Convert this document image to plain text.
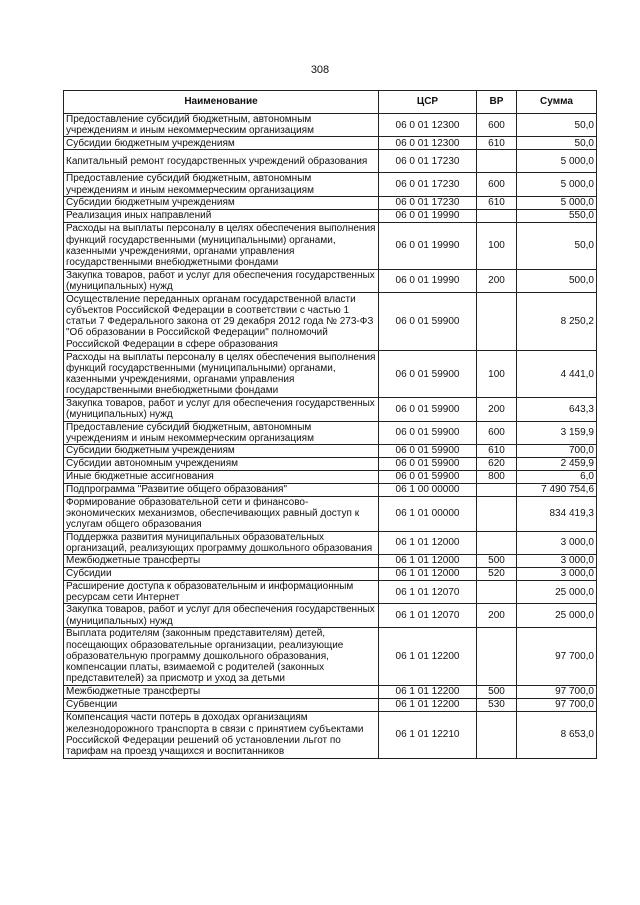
308
Наименование	ЦСР	ВР	Сумма
Предоставление субсидий бюджетным, автономным учреждениям и иным некоммерческим организациям	06 0 01 12300	600	50,0
Субсидии бюджетным учреждениям	06 0 01 12300	610	50,0
Капитальный ремонт государственных учреждений образования	06 0 01 17230		5 000,0
Предоставление субсидий бюджетным, автономным учреждениям и иным некоммерческим организациям	06 0 01 17230	600	5 000,0
Субсидии бюджетным учреждениям	06 0 01 17230	610	5 000,0
Реализация иных направлений	06 0 01 19990		550,0
Расходы на выплаты персоналу в целях обеспечения выполнения функций государственными (муниципальными) органами, казенными учреждениями, органами управления государственными внебюджетными фондами	06 0 01 19990	100	50,0
Закупка товаров, работ и услуг для обеспечения государственных (муниципальных) нужд	06 0 01 19990	200	500,0
Осуществление переданных органам государственной власти субъектов Российской Федерации в соответствии с частью 1 статьи 7 Федерального закона от 29 декабря 2012 года № 273-ФЗ "Об образовании в Российской Федерации" полномочий Российской Федерации в сфере образования	06 0 01 59900		8 250,2
Расходы на выплаты персоналу в целях обеспечения выполнения функций государственными (муниципальными) органами, казенными учреждениями, органами управления государственными внебюджетными фондами	06 0 01 59900	100	4 441,0
Закупка товаров, работ и услуг для обеспечения государственных (муниципальных) нужд	06 0 01 59900	200	643,3
Предоставление субсидий бюджетным, автономным учреждениям и иным некоммерческим организациям	06 0 01 59900	600	3 159,9
Субсидии бюджетным учреждениям	06 0 01 59900	610	700,0
Субсидии автономным учреждениям	06 0 01 59900	620	2 459,9
Иные бюджетные ассигнования	06 0 01 59900	800	6,0
Подпрограмма "Развитие общего образования"	06 1 00 00000		7 490 754,6
Формирование образовательной сети и финансово-экономических механизмов, обеспечивающих равный доступ к услугам общего образования	06 1 01 00000		834 419,3
Поддержка развития муниципальных образовательных организаций, реализующих программу дошкольного образования	06 1 01 12000		3 000,0
Межбюджетные трансферты	06 1 01 12000	500	3 000,0
Субсидии	06 1 01 12000	520	3 000,0
Расширение доступа к образовательным и информационным ресурсам сети Интернет	06 1 01 12070		25 000,0
Закупка товаров, работ и услуг для обеспечения государственных (муниципальных) нужд	06 1 01 12070	200	25 000,0
Выплата родителям (законным представителям) детей, посещающих образовательные организации, реализующие образовательную программу дошкольного образования, компенсации платы, взимаемой с родителей (законных представителей) за присмотр и уход за детьми	06 1 01 12200		97 700,0
Межбюджетные трансферты	06 1 01 12200	500	97 700,0
Субвенции	06 1 01 12200	530	97 700,0
Компенсация части потерь в доходах организациям железнодорожного транспорта в связи с принятием субъектами Российской Федерации решений об установлении льгот по тарифам на проезд учащихся и воспитанников	06 1 01 12210		8 653,0
